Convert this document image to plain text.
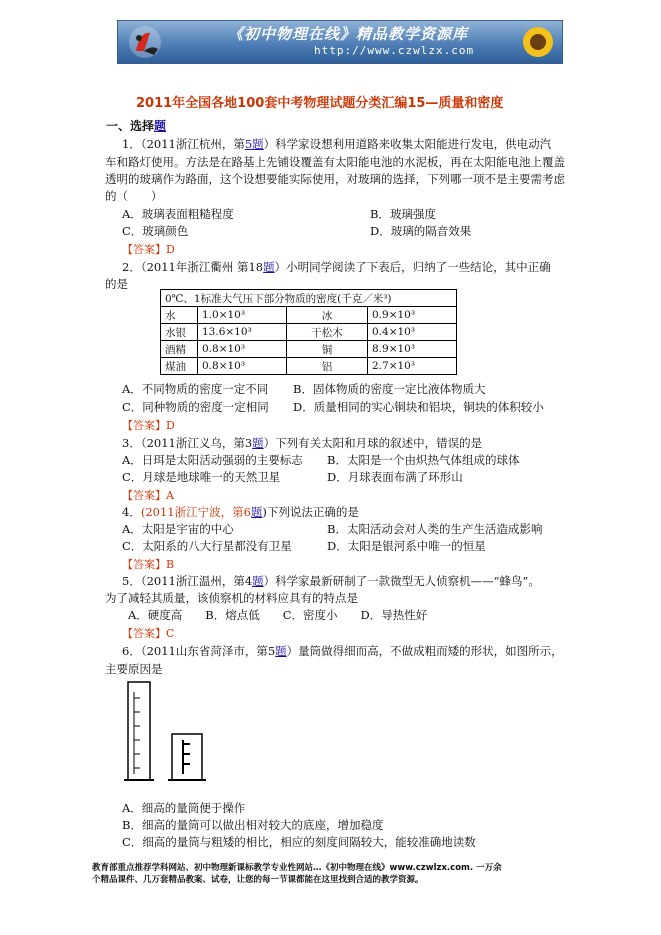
《初中物理在线》精品教学资源库
http://www.czwlzx.com
2011年全国各地100套中考物理试题分类汇编15—质量和密度
一、选择题
1．（2011浙江杭州，第5题）科学家设想利用道路来收集太阳能进行发电，供电动汽
车和路灯使用。方法是在路基上先铺设覆盖有太阳能电池的水泥板，再在太阳能电池上覆盖
透明的玻璃作为路面，这个设想要能实际使用，对玻璃的选择，下列哪一项不是主要需考虑
的（　　）
A．玻璃表面粗糙程度	B．玻璃强度
C．玻璃颜色	D．玻璃的隔音效果
【答案】D
2．（2011年浙江衢州 第18题）小明同学阅读了下表后，归纳了一些结论，其中正确
的是
0℃、1标准大气压下部分物质的密度(千克／米³)			
水	1.0×10³	冰	0.9×10³
水银	13.6×10³	干松木	0.4×10³
酒精	0.8×10³	铜	8.9×10³
煤油	0.8×10³	铝	2.7×10³
A．不同物质的密度一定不同 B．固体物质的密度一定比液体物质大
C．同种物质的密度一定相同 D．质量相同的实心铜块和铝块，铜块的体积较小
【答案】D
3．（2011浙江义乌，第3题）下列有关太阳和月球的叙述中，错误的是
A．日珥是太阳活动强弱的主要标志 B．太阳是一个由炽热气体组成的球体
C．月球是地球唯一的天然卫星	D．月球表面布满了环形山
【答案】A
4．(2011浙江宁波，第6题)下列说法正确的是
A．太阳是宇宙的中心	B．太阳活动会对人类的生产生活造成影响
C．太阳系的八大行星都没有卫星	D．太阳是银河系中唯一的恒星
【答案】B
5．（2011浙江温州，第4题）科学家最新研制了一款微型无人侦察机——“蜂鸟”。
为了减轻其质量，该侦察机的材料应具有的特点是
A．硬度高　　B．熔点低　　C．密度小　　D．导热性好
【答案】C
6．（2011山东省菏泽市，第5题）量筒做得细而高，不做成粗而矮的形状，如图所示，
主要原因是
A．细高的量筒便于操作
B．细高的量筒可以做出相对较大的底座，增加稳度
C．细高的量筒与粗矮的相比，相应的刻度间隔较大，能较准确地读数
教育部重点推荐学科网站、初中物理新课标教学专业性网站…《初中物理在线》www.czwlzx.com. 一万余
个精品课件、几万套精品教案、试卷，让您的每一节课都能在这里找到合适的教学资源。
